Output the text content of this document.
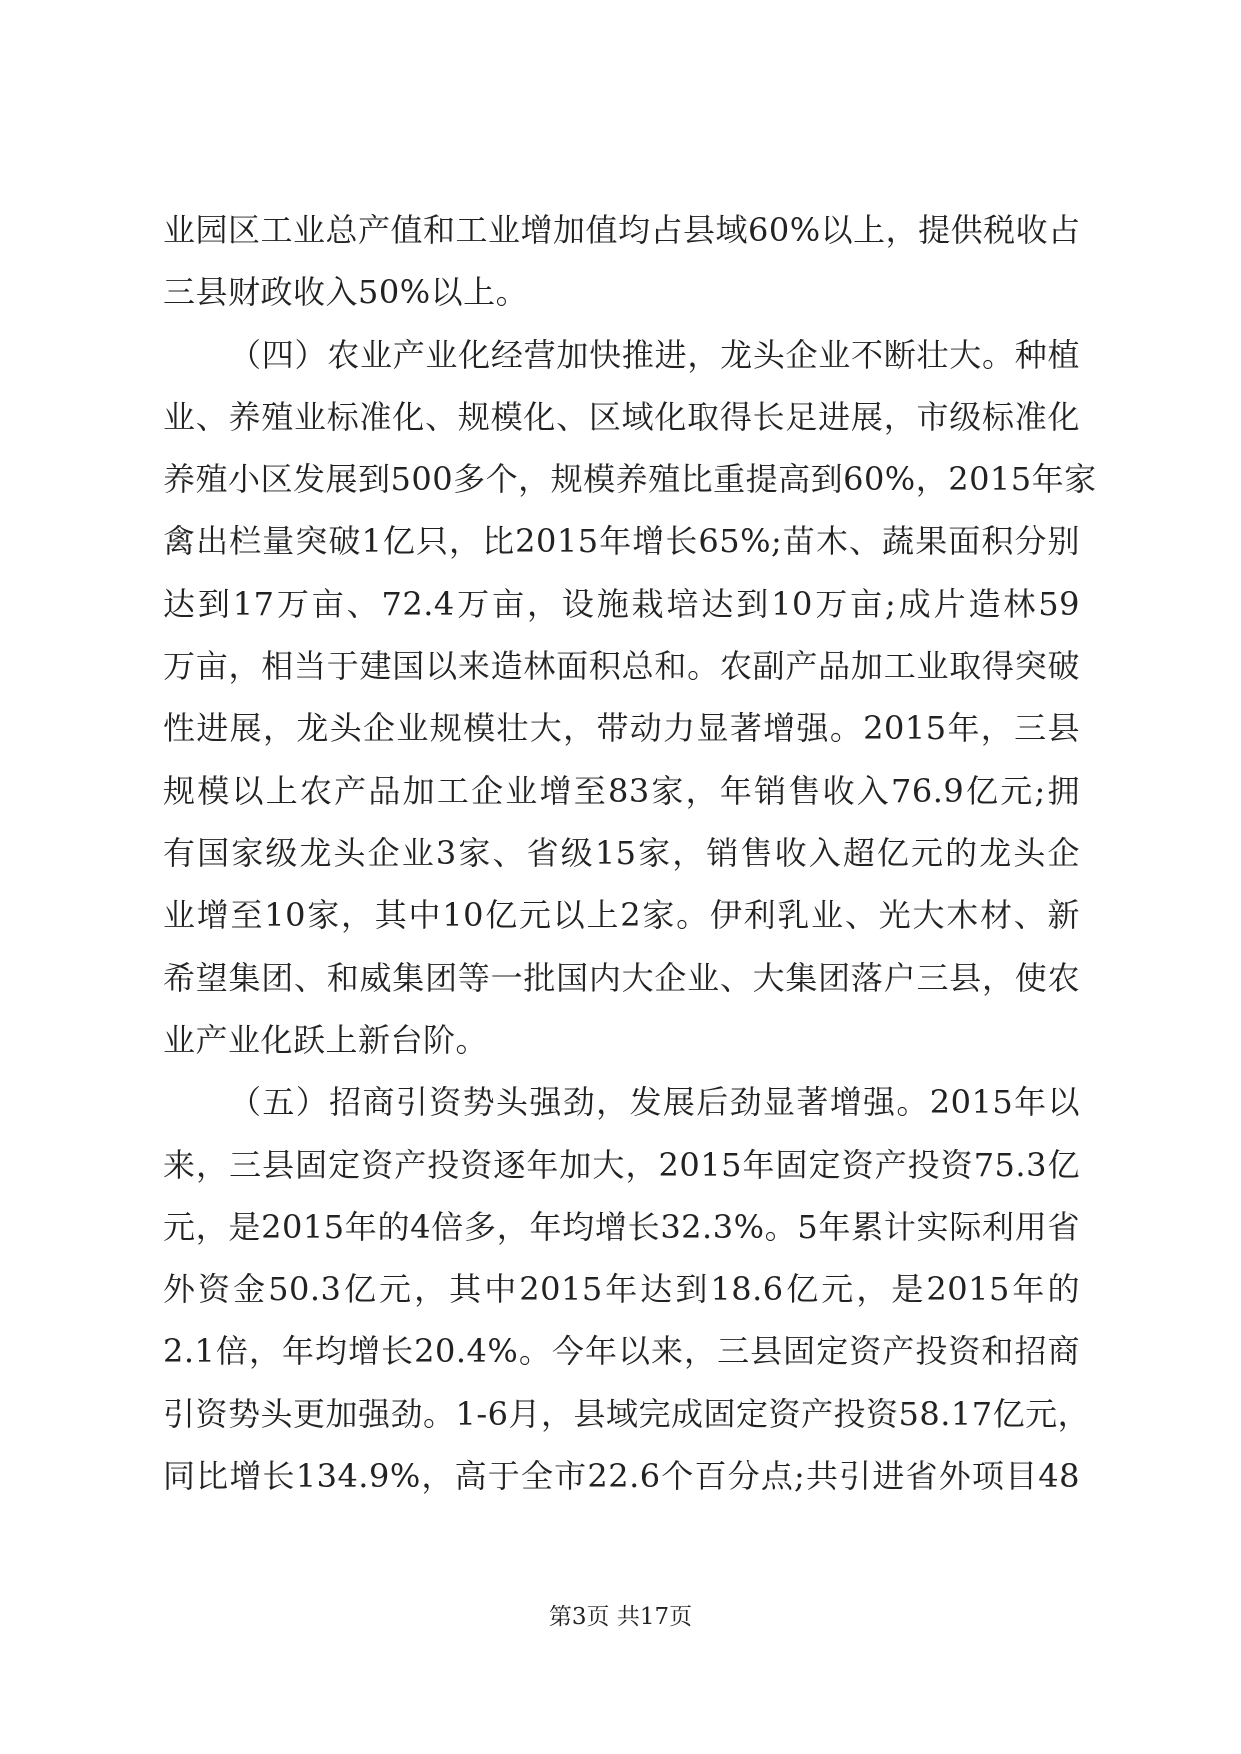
业园区工业总产值和工业增加值均占县域60%以上，提供税收占
三县财政收入50%以上。
（四）农业产业化经营加快推进，龙头企业不断壮大。种植
业、养殖业标准化、规模化、区域化取得长足进展，市级标准化
养殖小区发展到500多个，规模养殖比重提高到60%，2015年家
禽出栏量突破1亿只，比2015年增长65%;苗木、蔬果面积分别
达到17万亩、72.4万亩，设施栽培达到10万亩;成片造林59
万亩，相当于建国以来造林面积总和。农副产品加工业取得突破
性进展，龙头企业规模壮大，带动力显著增强。2015年，三县
规模以上农产品加工企业增至83家，年销售收入76.9亿元;拥
有国家级龙头企业3家、省级15家，销售收入超亿元的龙头企
业增至10家，其中10亿元以上2家。伊利乳业、光大木材、新
希望集团、和威集团等一批国内大企业、大集团落户三县，使农
业产业化跃上新台阶。
（五）招商引资势头强劲，发展后劲显著增强。2015年以
来，三县固定资产投资逐年加大，2015年固定资产投资75.3亿
元，是2015年的4倍多，年均增长32.3%。5年累计实际利用省
外资金50.3亿元，其中2015年达到18.6亿元，是2015年的
2.1倍，年均增长20.4%。今年以来，三县固定资产投资和招商
引资势头更加强劲。1-6月，县域完成固定资产投资58.17亿元，
同比增长134.9%，高于全市22.6个百分点;共引进省外项目48
第3页 共17页
